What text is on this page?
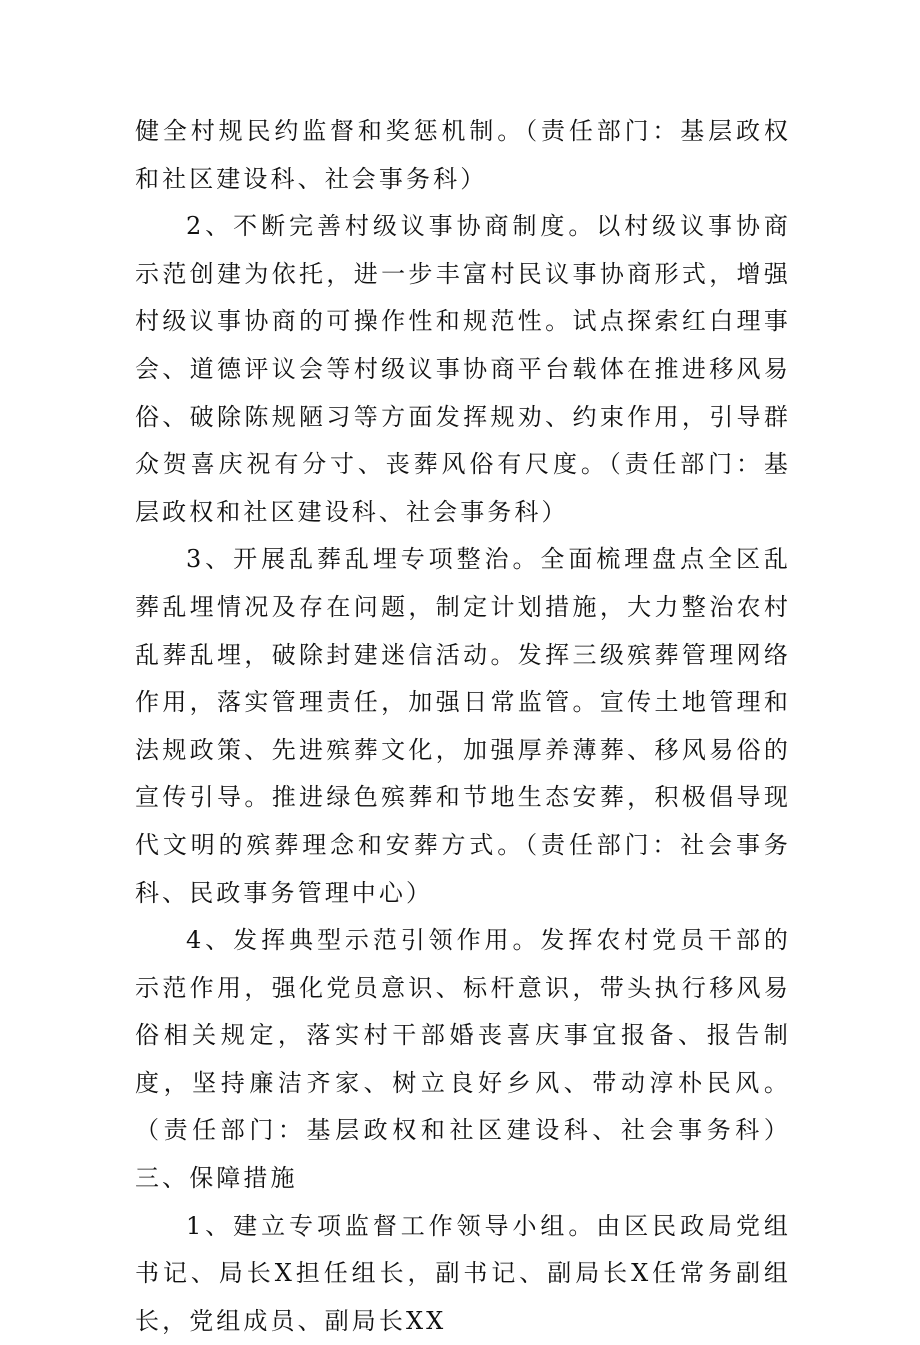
健全村规民约监督和奖惩机制。（责任部门：基层政权和社区建设科、社会事务科）

2、不断完善村级议事协商制度。以村级议事协商示范创建为依托，进一步丰富村民议事协商形式，增强村级议事协商的可操作性和规范性。试点探索红白理事会、道德评议会等村级议事协商平台载体在推进移风易俗、破除陈规陋习等方面发挥规劝、约束作用，引导群众贺喜庆祝有分寸、丧葬风俗有尺度。（责任部门：基层政权和社区建设科、社会事务科）

3、开展乱葬乱埋专项整治。全面梳理盘点全区乱葬乱埋情况及存在问题，制定计划措施，大力整治农村乱葬乱埋，破除封建迷信活动。发挥三级殡葬管理网络作用，落实管理责任，加强日常监管。宣传土地管理和法规政策、先进殡葬文化，加强厚养薄葬、移风易俗的宣传引导。推进绿色殡葬和节地生态安葬，积极倡导现代文明的殡葬理念和安葬方式。（责任部门：社会事务科、民政事务管理中心）

4、发挥典型示范引领作用。发挥农村党员干部的示范作用，强化党员意识、标杆意识，带头执行移风易俗相关规定，落实村干部婚丧喜庆事宜报备、报告制度，坚持廉洁齐家、树立良好乡风、带动淳朴民风。（责任部门：基层政权和社区建设科、社会事务科）三、保障措施

1、建立专项监督工作领导小组。由区民政局党组书记、局长X担任组长，副书记、副局长X任常务副组长，党组成员、副局长XX
